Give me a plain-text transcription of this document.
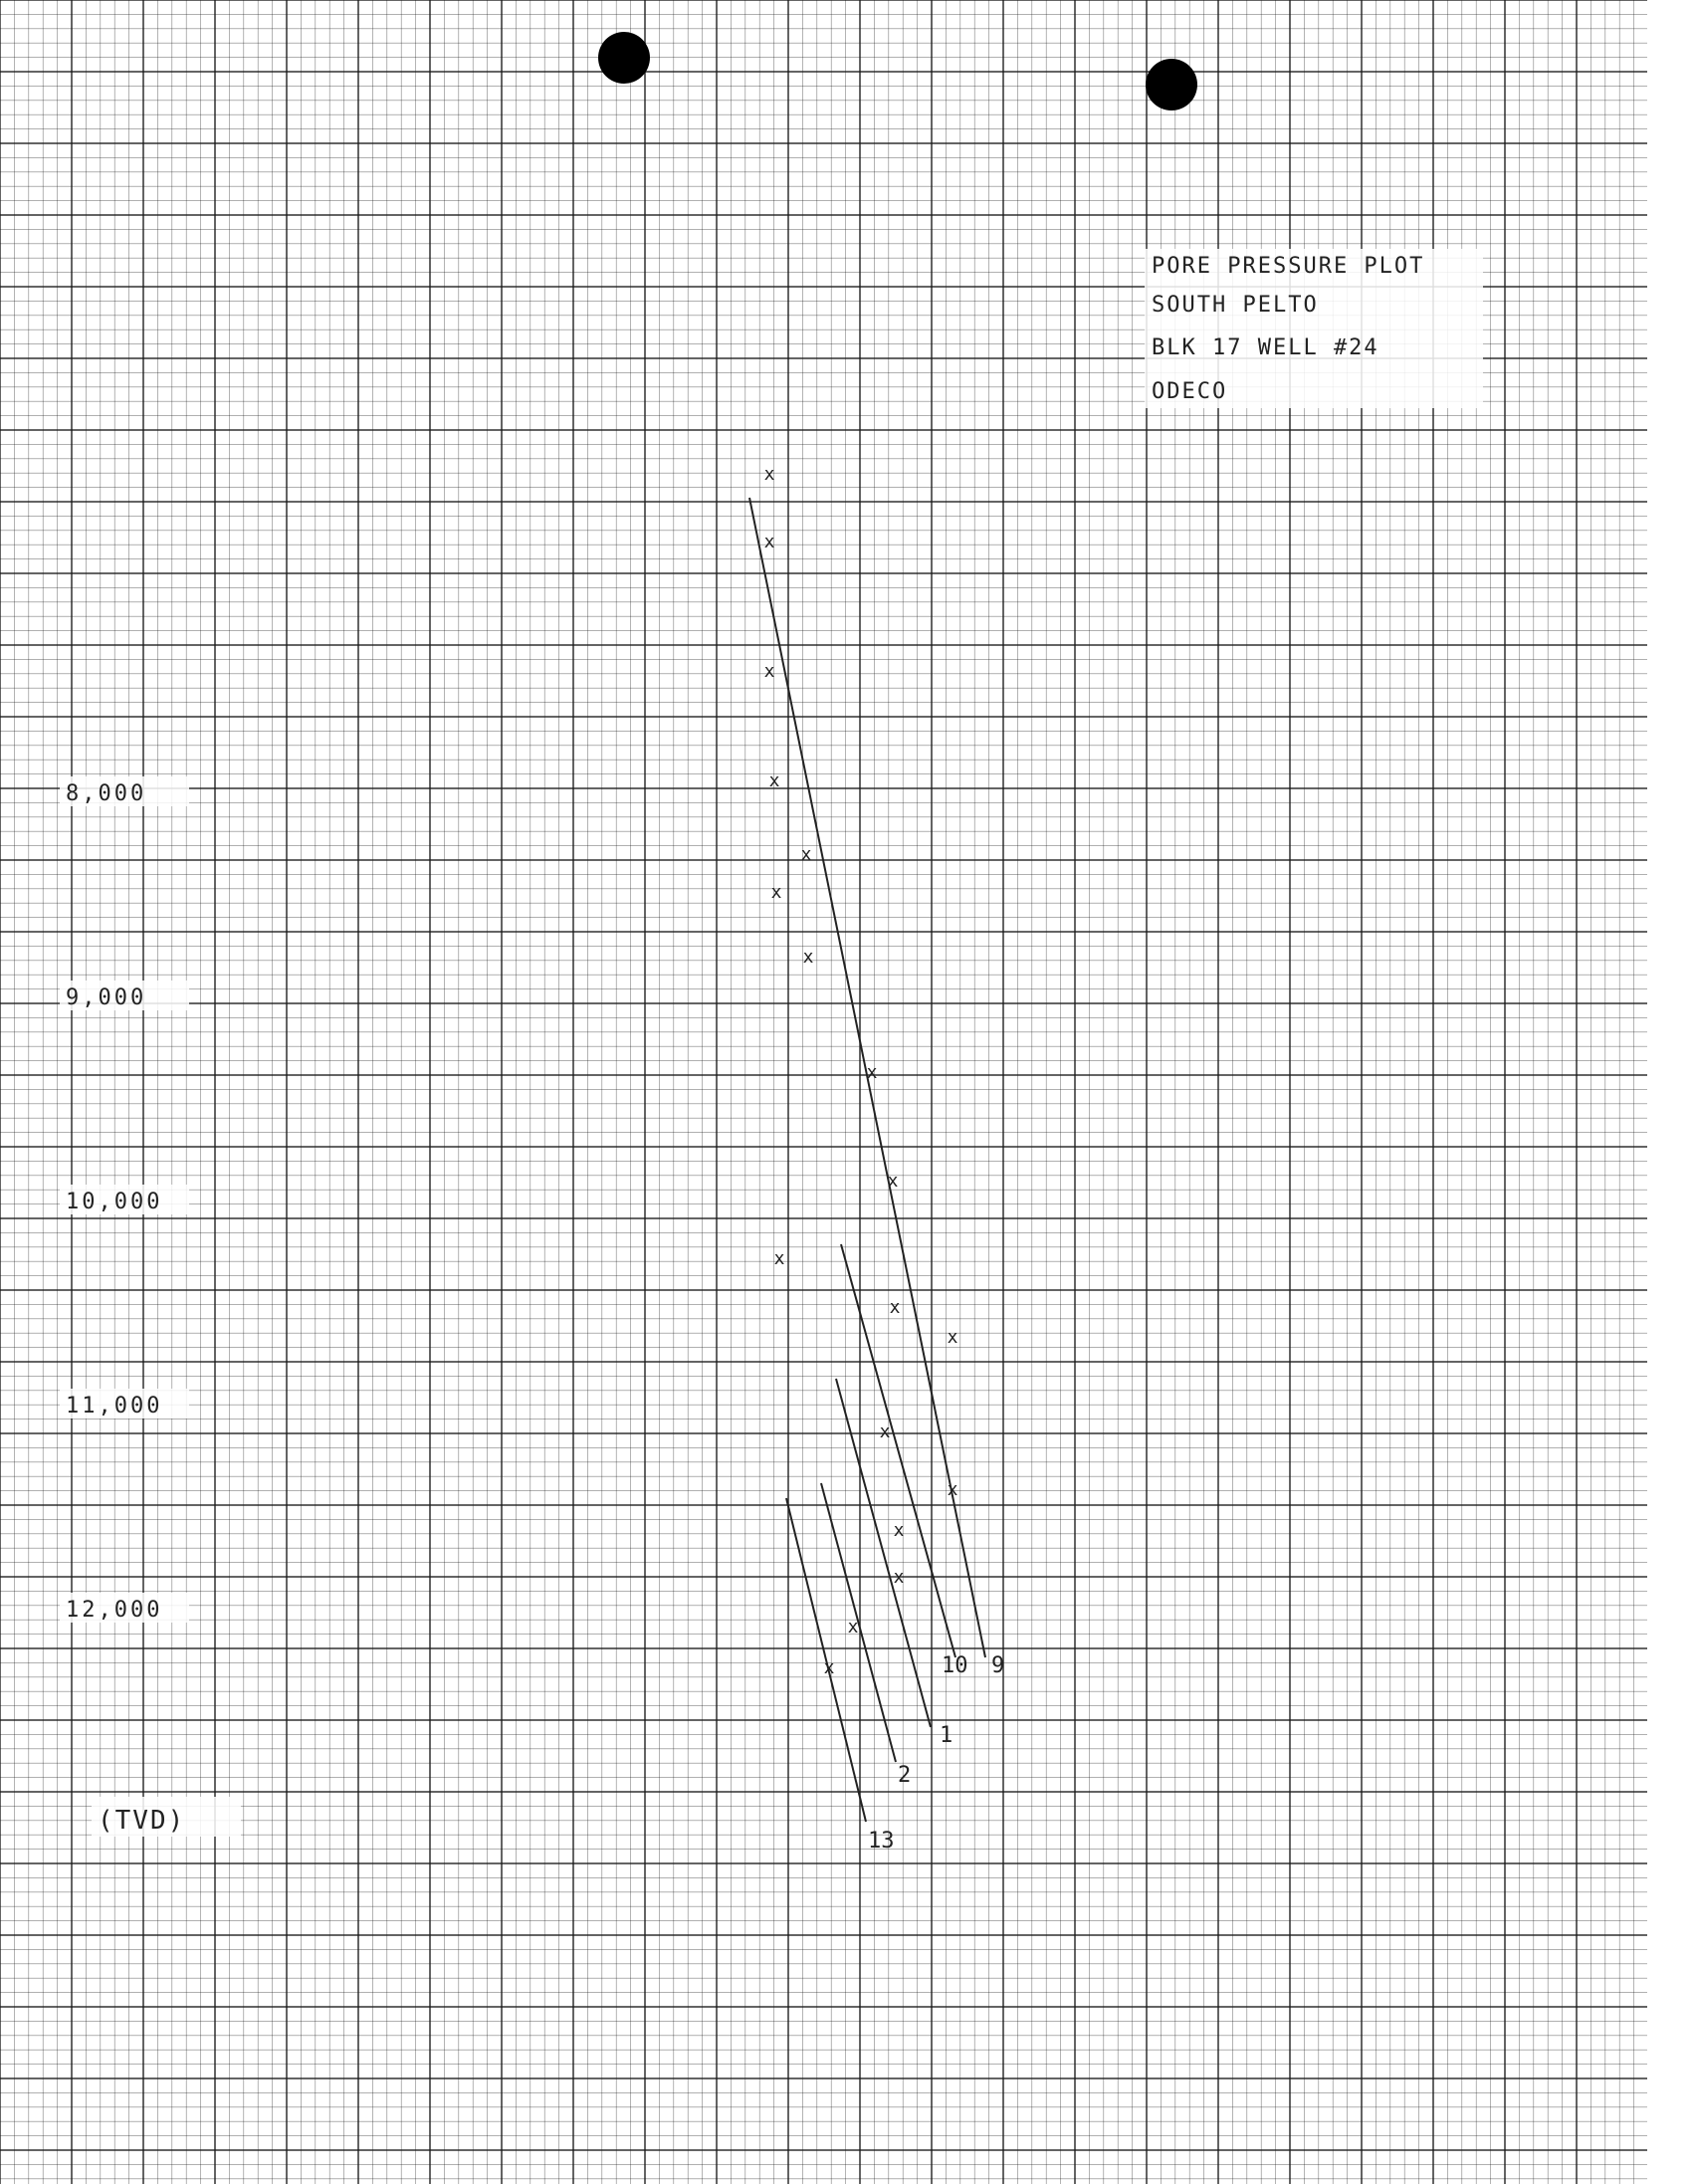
PORE PRESSURE PLOT
SOUTH PELTO
BLK 17 WELL #24
ODECO
8,000
9,000
10,000
11,000
12,000
(TVD)
9
10
1
2
13
x
x
x
x
x
x
x
x
x
x
x
x
x
x
x
x
x
x
